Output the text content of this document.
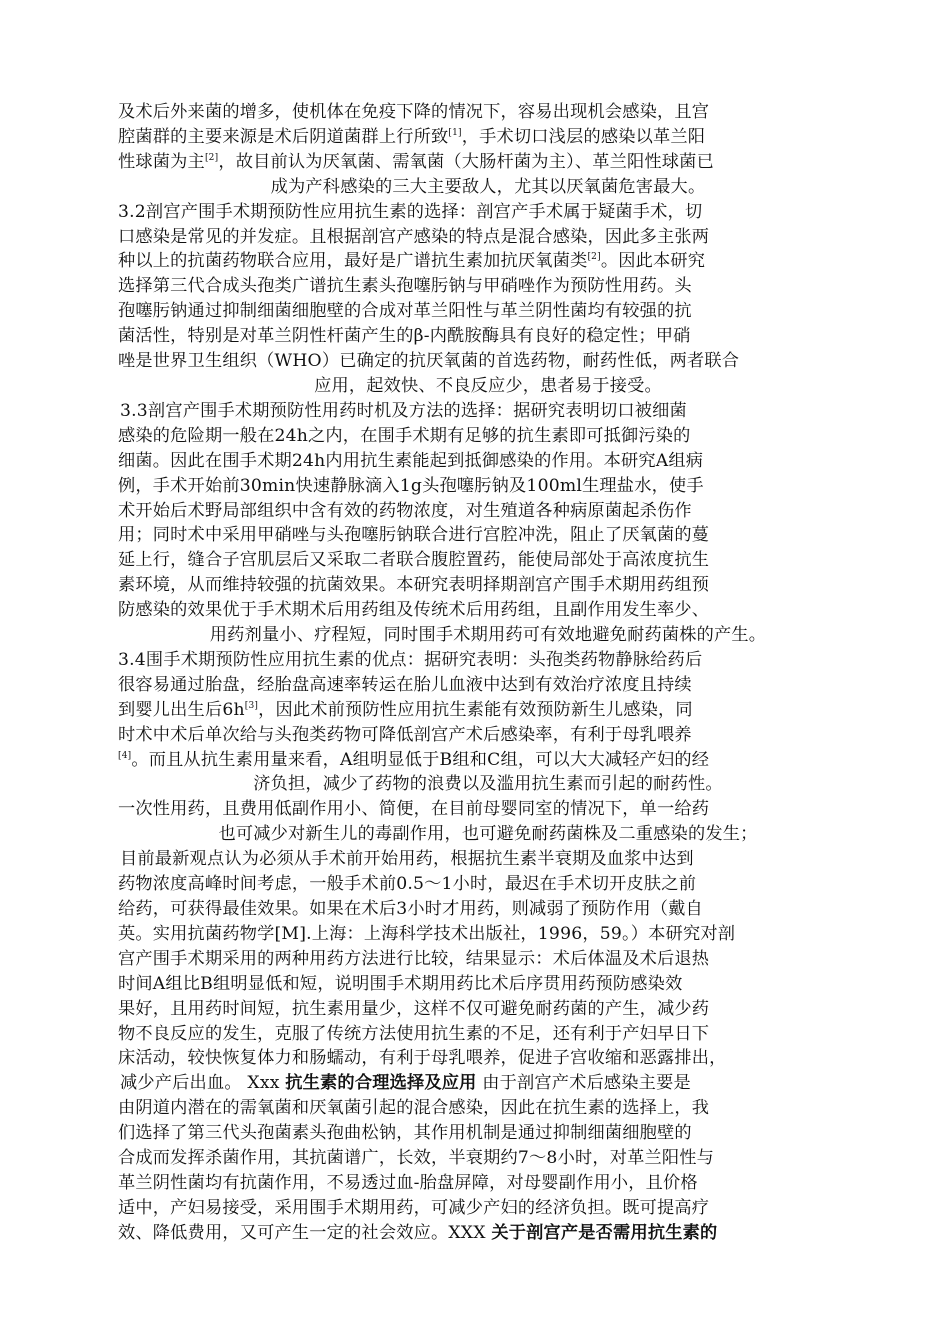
及术后外来菌的增多，使机体在免疫下降的情况下，容易出现机会感染，且宫

腔菌群的主要来源是术后阴道菌群上行所致[1]，手术切口浅层的感染以革兰阳

性球菌为主[2]，故目前认为厌氧菌、需氧菌（大肠杆菌为主）、革兰阳性球菌已

成为产科感染的三大主要敌人，尤其以厌氧菌危害最大。

3.2剖宫产围手术期预防性应用抗生素的选择：剖宫产手术属于疑菌手术，切

口感染是常见的并发症。且根据剖宫产感染的特点是混合感染，因此多主张两

种以上的抗菌药物联合应用，最好是广谱抗生素加抗厌氧菌类[2]。因此本研究

选择第三代合成头孢类广谱抗生素头孢噻肟钠与甲硝唑作为预防性用药。头

孢噻肟钠通过抑制细菌细胞壁的合成对革兰阳性与革兰阴性菌均有较强的抗

菌活性，特别是对革兰阴性杆菌产生的β-内酰胺酶具有良好的稳定性；甲硝

唑是世界卫生组织（WHO）已确定的抗厌氧菌的首选药物，耐药性低，两者联合

应用，起效快、不良反应少，患者易于接受。

3.3剖宫产围手术期预防性用药时机及方法的选择：据研究表明切口被细菌

感染的危险期一般在24h之内，在围手术期有足够的抗生素即可抵御污染的

细菌。因此在围手术期24h内用抗生素能起到抵御感染的作用。本研究A组病

例，手术开始前30min快速静脉滴入1g头孢噻肟钠及100ml生理盐水，使手

术开始后术野局部组织中含有效的药物浓度，对生殖道各种病原菌起杀伤作

用；同时术中采用甲硝唑与头孢噻肟钠联合进行宫腔冲洗，阻止了厌氧菌的蔓

延上行，缝合子宫肌层后又采取二者联合腹腔置药，能使局部处于高浓度抗生

素环境，从而维持较强的抗菌效果。本研究表明择期剖宫产围手术期用药组预

防感染的效果优于手术期术后用药组及传统术后用药组，且副作用发生率少、

用药剂量小、疗程短，同时围手术期用药可有效地避免耐药菌株的产生。

3.4围手术期预防性应用抗生素的优点：据研究表明：头孢类药物静脉给药后

很容易通过胎盘，经胎盘高速率转运在胎儿血液中达到有效治疗浓度且持续

到婴儿出生后6h[3]，因此术前预防性应用抗生素能有效预防新生儿感染，同

时术中术后单次给与头孢类药物可降低剖宫产术后感染率，有利于母乳喂养

[4]。而且从抗生素用量来看，A组明显低于B组和C组，可以大大减轻产妇的经

济负担，减少了药物的浪费以及滥用抗生素而引起的耐药性。

一次性用药，且费用低副作用小、简便，在目前母婴同室的情况下，单一给药

也可减少对新生儿的毒副作用，也可避免耐药菌株及二重感染的发生；

目前最新观点认为必须从手术前开始用药，根据抗生素半衰期及血浆中达到

药物浓度高峰时间考虑，一般手术前0.5～1小时，最迟在手术切开皮肤之前

给药，可获得最佳效果。如果在术后3小时才用药，则减弱了预防作用（戴自

英。实用抗菌药物学[M].上海：上海科学技术出版社，1996，59。）本研究对剖

宫产围手术期采用的两种用药方法进行比较，结果显示：术后体温及术后退热

时间A组比B组明显低和短，说明围手术期用药比术后序贯用药预防感染效

果好，且用药时间短，抗生素用量少，这样不仅可避免耐药菌的产生，减少药

物不良反应的发生，克服了传统方法使用抗生素的不足，还有利于产妇早日下

床活动，较快恢复体力和肠蠕动，有利于母乳喂养，促进子宫收缩和恶露排出，

减少产后出血。 Xxx 抗生素的合理选择及应用 由于剖宫产术后感染主要是

由阴道内潜在的需氧菌和厌氧菌引起的混合感染，因此在抗生素的选择上，我

们选择了第三代头孢菌素头孢曲松钠，其作用机制是通过抑制细菌细胞壁的

合成而发挥杀菌作用，其抗菌谱广，长效，半衰期约7～8小时，对革兰阳性与

革兰阴性菌均有抗菌作用，不易透过血-胎盘屏障，对母婴副作用小，且价格

适中，产妇易接受，采用围手术期用药，可减少产妇的经济负担。既可提高疗

效、降低费用，又可产生一定的社会效应。XXX 关于剖宫产是否需用抗生素的
